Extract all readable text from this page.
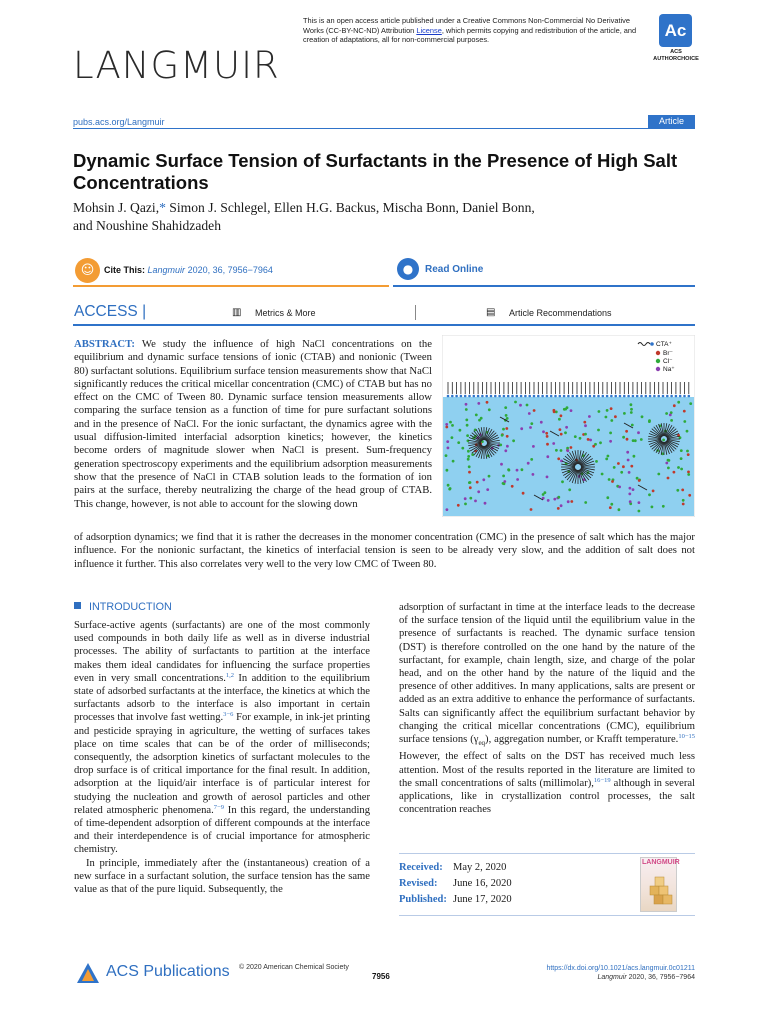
LANGMUIR
This is an open access article published under a Creative Commons Non-Commercial No Derivative Works (CC-BY-NC-ND) Attribution License, which permits copying and redistribution of the article, and creation of adaptations, all for non-commercial purposes.	Ac
ACS
AUTHORCHOICE
pubs.acs.org/Langmuir	Article
Dynamic Surface Tension of Surfactants in the Presence of High Salt Concentrations
Mohsin J. Qazi,* Simon J. Schlegel, Ellen H.G. Backus, Mischa Bonn, Daniel Bonn,
and Noushine Shahidzadeh
☺	Cite This: Langmuir 2020, 36, 7956−7964	●	Read Online
ACCESS |	▥ Metrics & More	▤ Article Recommendations
ABSTRACT: We study the influence of high NaCl concentrations on the equilibrium and dynamic surface tensions of ionic (CTAB) and nonionic (Tween 80) surfactant solutions. Equilibrium surface tension measurements show that NaCl significantly reduces the critical micellar concentration (CMC) of CTAB but has no effect on the CMC of Tween 80. Dynamic surface tension measurements allow comparing the surface tension as a function of time for pure surfactant solutions and in the presence of NaCl. For the ionic surfactant, the dynamics agree with the usual diffusion-limited interfacial adsorption kinetics; however, the kinetics become orders of magnitude slower when NaCl is present. Sum-frequency generation spectroscopy experiments and the equilibrium adsorption measurements show that the presence of NaCl in CTAB solution leads to the formation of ion pairs at the surface, thereby neutralizing the charge of the head group of CTAB. This change, however, is not able to account for the slowing down
of adsorption dynamics; we find that it is rather the decreases in the monomer concentration (CMC) in the presence of salt which has the major influence. For the nonionic surfactant, the kinetics of interfacial tension is seen to be already very slow, and the addition of salt does not influence it further. This also correlates very well to the very low CMC of Tween 80.
CTA⁺
Br⁻
Cl⁻
Na⁺
INTRODUCTION

Surface-active agents (surfactants) are one of the most commonly used compounds in both daily life as well as in diverse industrial processes. The ability of surfactants to partition at the interface makes them ideal candidates for influencing the surface properties even in very small concentrations.$^{1,2}$ In addition to the equilibrium state of adsorbed surfactants at the interface, the kinetics at which the surfactants adsorb to the interface is also important in certain processes that involve fast wetting.$^{3-6}$ For example, in ink-jet printing and pesticide spraying in agriculture, the wetting of surfaces takes place on time scales that can be of the order of milliseconds; consequently, the adsorption kinetics of surfactant molecules to the drop surface is of critical importance for the final result. In addition, adsorption at the liquid/air interface is of particular interest for studying the nucleation and growth of aerosol particles and other related atmospheric phenomena.$^{7-9}$ In this regard, the understanding of time-dependent adsorption of different compounds at the interface and their interdependence is of crucial importance for atmospheric chemistry.

In principle, immediately after the (instantaneous) creation of a new surface in a surfactant solution, the surface tension has the same value as that of the pure liquid. Subsequently, the

adsorption of surfactant in time at the interface leads to the decrease of the surface tension of the liquid until the equilibrium value in the presence of surfactants is reached. The dynamic surface tension (DST) is therefore controlled on the one hand by the nature of the surfactant, for example, chain length, size, and charge of the polar head, and on the other hand by the nature of the liquid and the presence of other additives. In many applications, salts are present or added as an extra additive to enhance the performance of surfactants. Salts can significantly affect the equilibrium surfactant behavior by changing the critical micellar concentrations (CMC), equilibrium surface tensions $(\gamma_{eq})$, aggregation number, or Krafft temperature.$^{10-15}$ However, the effect of salts on the DST has received much less attention. Most of the results reported in the literature are limited to the small concentrations of salts (millimolar),$^{16-19}$ although in several applications, like in crystallization control processes, the salt concentration reaches

Received: May 2, 2020
Revised: June 16, 2020
Published: June 17, 2020
LANGMUIR
ACS Publications © 2020 American Chemical Society
7956
https://dx.doi.org/10.1021/acs.langmuir.0c01211
Langmuir 2020, 36, 7956−7964
